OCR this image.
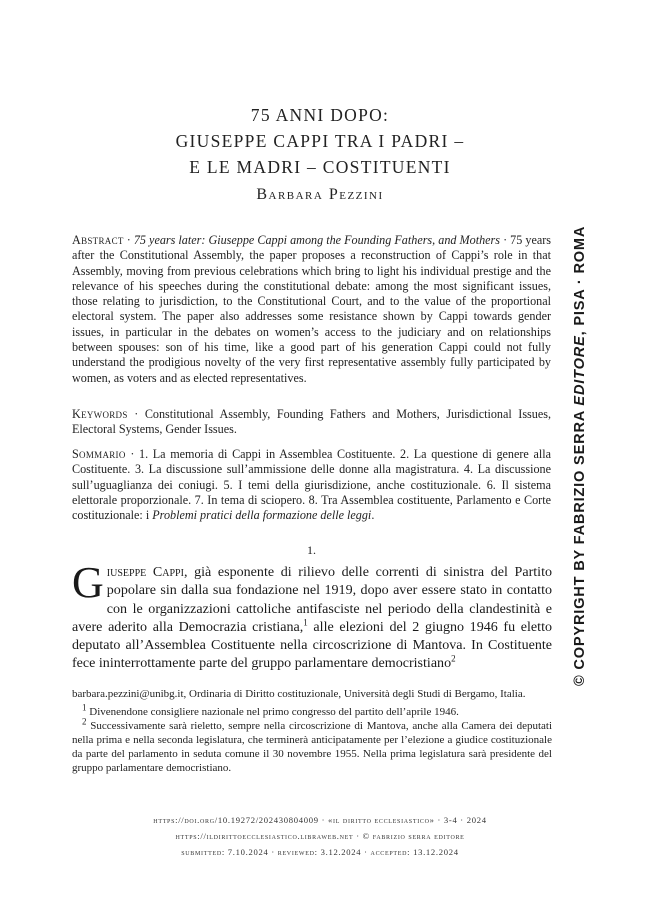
75 ANNI DOPO:
GIUSEPPE CAPPI TRA I PADRI –
E LE MADRI – COSTITUENTI
Barbara Pezzini
Abstract · 75 years later: Giuseppe Cappi among the Founding Fathers, and Mothers · 75 years after the Constitutional Assembly, the paper proposes a reconstruction of Cappi’s role in that Assembly, moving from previous celebrations which bring to light his individual prestige and the relevance of his speeches during the constitutional debate: among the most significant issues, those relating to jurisdiction, to the Constitutional Court, and to the value of the proportional electoral system. The paper also addresses some resistance shown by Cappi towards gender issues, in particular in the debates on women’s access to the judiciary and on relationships between spouses: son of his time, like a good part of his generation Cappi could not fully understand the prodigious novelty of the very first representative assembly fully participated by women, as voters and as elected representatives.
Keywords · Constitutional Assembly, Founding Fathers and Mothers, Jurisdictional Issues, Electoral Systems, Gender Issues.
Sommario · 1. La memoria di Cappi in Assemblea Costituente. 2. La questione di genere alla Costituente. 3. La discussione sull’ammissione delle donne alla magistratura. 4. La discussione sull’uguaglianza dei coniugi. 5. I temi della giurisdizione, anche costituzionale. 6. Il sistema elettorale proporzionale. 7. In tema di sciopero. 8. Tra Assemblea costituente, Parlamento e Corte costituzionale: i Problemi pratici della formazione delle leggi.
1.
G iuseppe Cappi, già esponente di rilievo delle correnti di sinistra del Partito popolare sin dalla sua fondazione nel 1919, dopo aver essere stato in contatto con le organizzazioni cattoliche antifasciste nel periodo della clandestinità e avere aderito alla Democrazia cristiana,$^1$ alle elezioni del 2 giugno 1946 fu eletto deputato all’Assemblea Costituente nella circoscrizione di Mantova. In Costituente fece ininterrottamente parte del gruppo parlamentare democristiano$^2$

barbara.pezzini@unibg.it, Ordinaria di Diritto costituzionale, Università degli Studi di Bergamo, Italia.

$^1$ Divenendone consigliere nazionale nel primo congresso del partito dell’aprile 1946.

$^2$ Successivamente sarà rieletto, sempre nella circoscrizione di Mantova, anche alla Camera dei deputati nella prima e nella seconda legislatura, che terminerà anticipatamente per l’elezione a giudice costituzionale da parte del parlamento in seduta comune il 30 novembre 1955. Nella prima legislatura sarà presidente del gruppo parlamentare democristiano.

https://doi.org/10.19272/202430804009 · «il diritto ecclesiastico» · 3-4 · 2024
https://ildirittoecclesiastico.libraweb.net · © fabrizio serra editore
submitted: 7.10.2024 · reviewed: 3.12.2024 · accepted: 13.12.2024
© COPYRIGHT BY FABRIZIO SERRA EDITORE, PISA · ROMA
